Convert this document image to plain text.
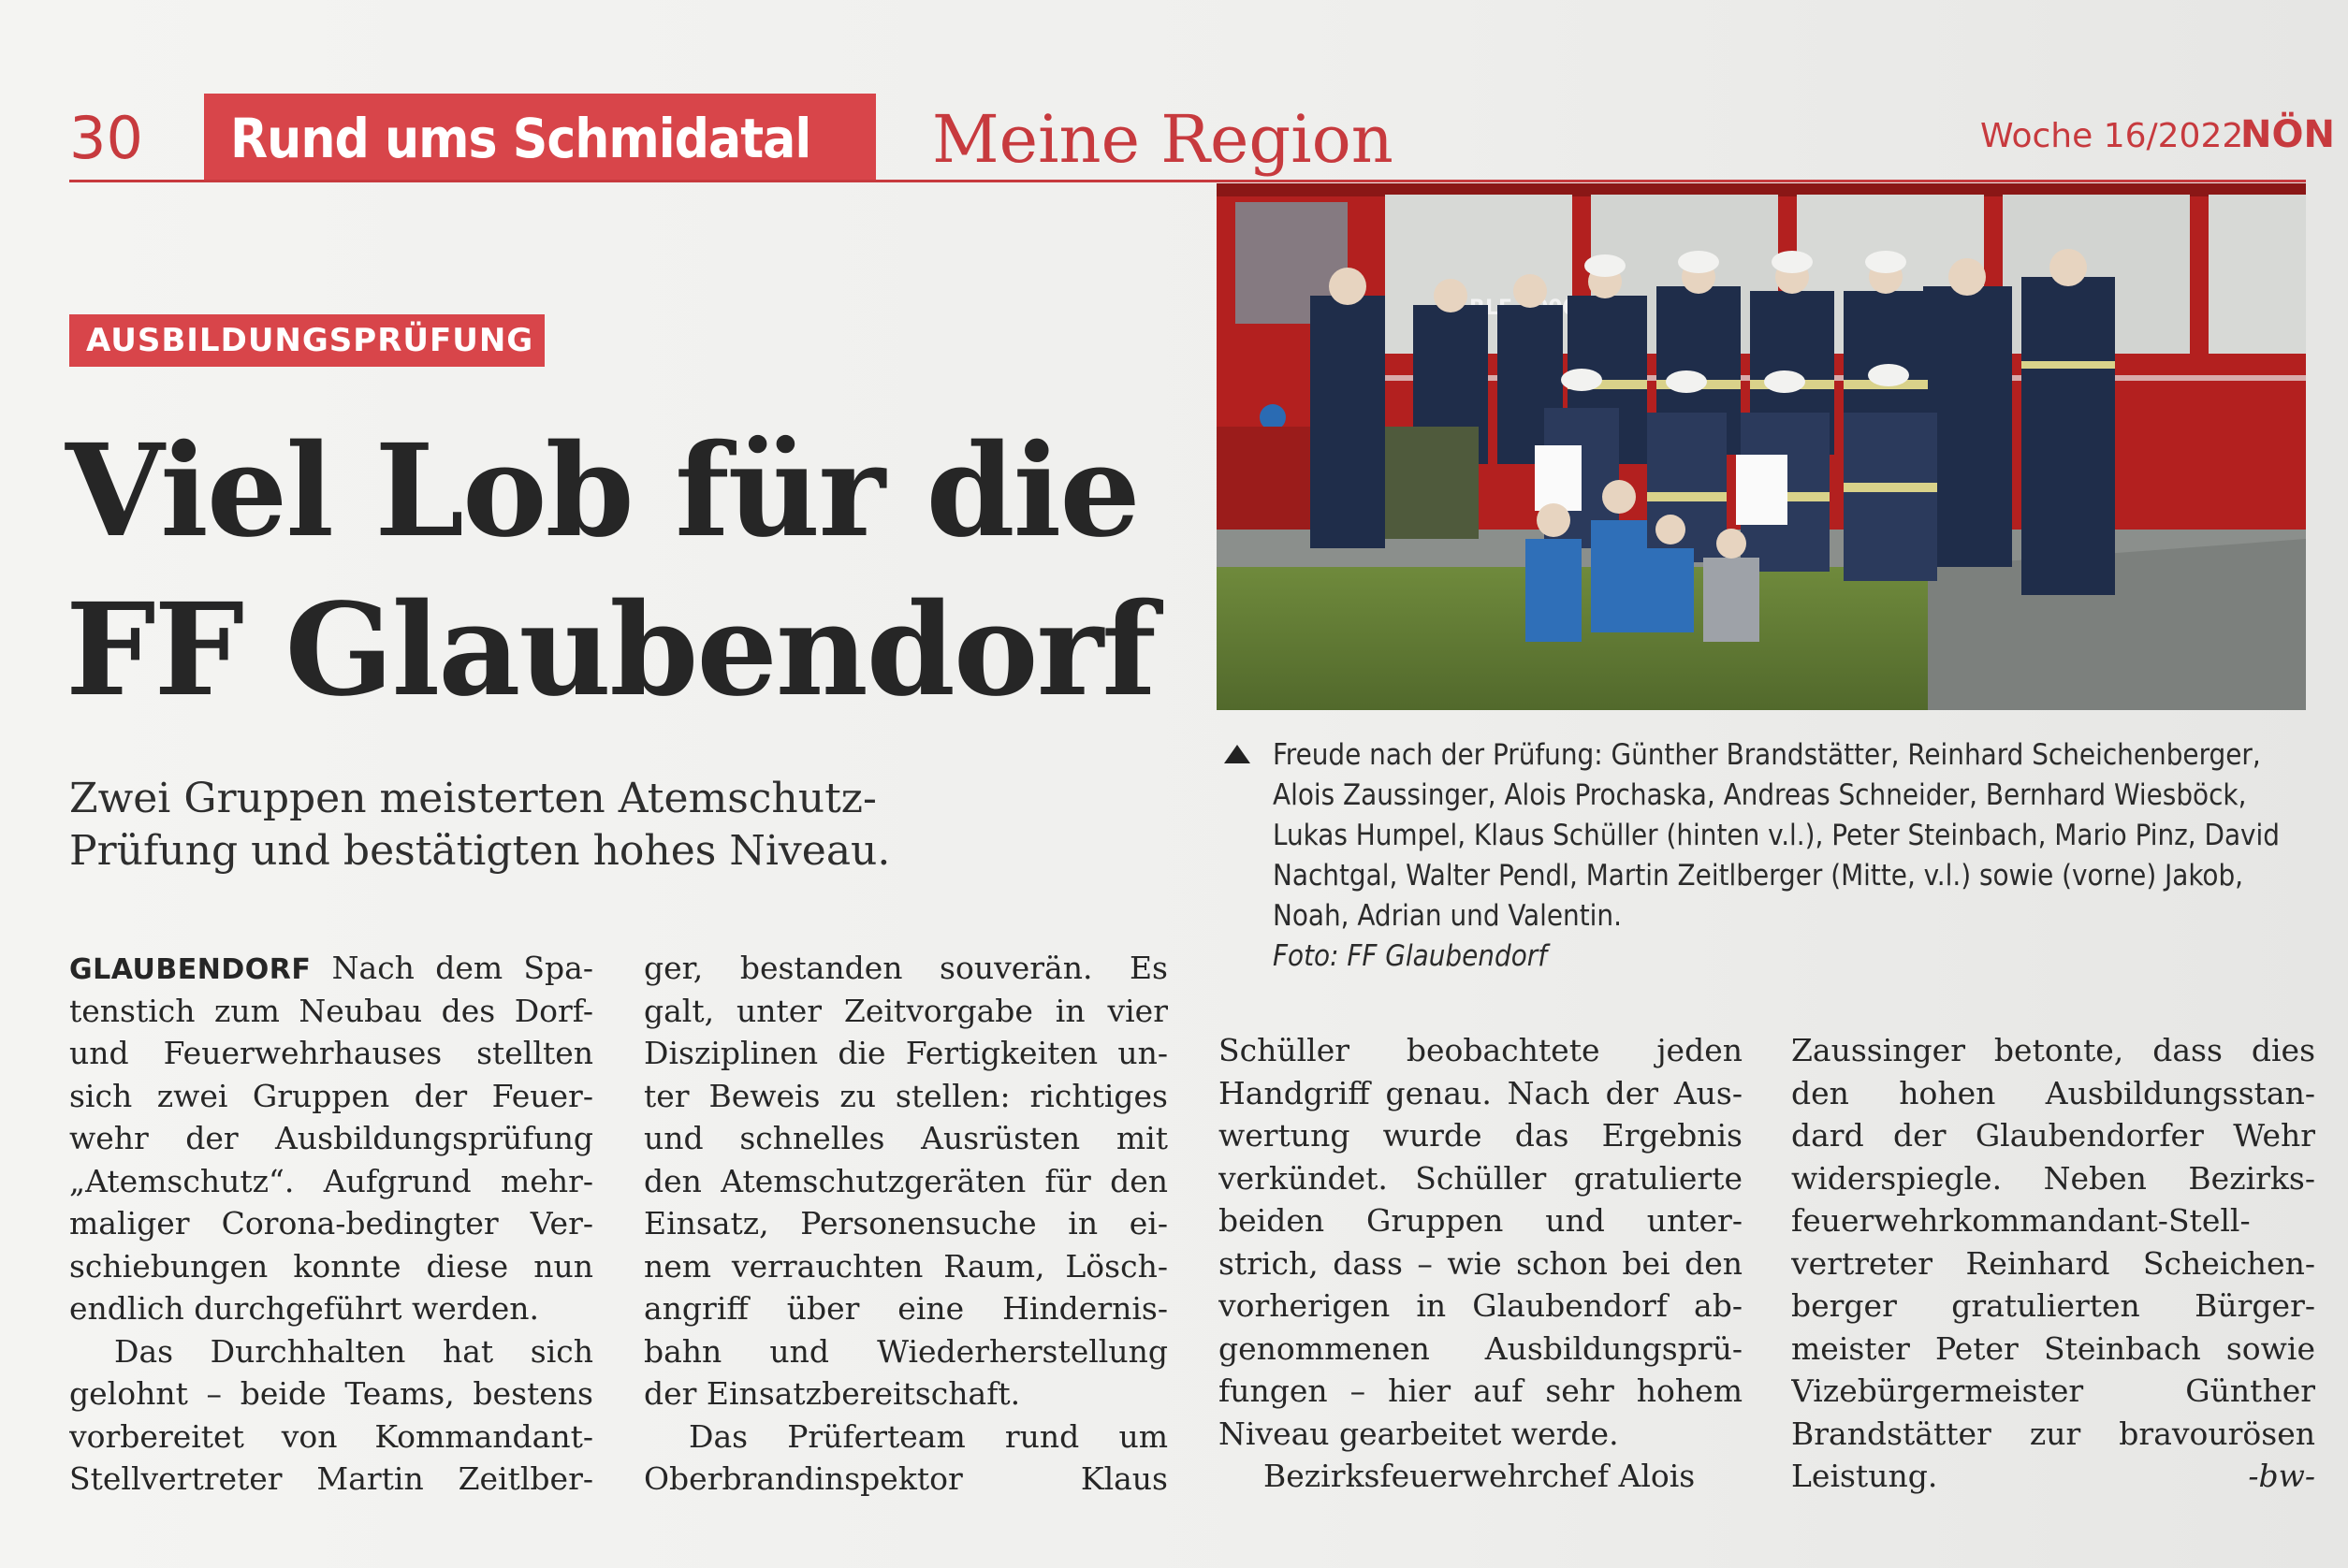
30 Rund ums Schmidatal Meine Region	Woche 16/2022
NÖN
AUSBILDUNGSPRÜFUNG
Viel Lob für die
FF Glaubendorf
Zwei Gruppen meisterten Atemschutz-
Prüfung und bestätigten hohes Niveau.
RLF
Freude nach der Prüfung: Günther Brandstätter, Reinhard Scheichenberger,
Alois Zaussinger, Alois Prochaska, Andreas Schneider, Bernhard Wiesböck,
Lukas Humpel, Klaus Schüller (hinten v.l.), Peter Steinbach, Mario Pinz, David
Nachtgal, Walter Pendl, Martin Zeitlberger (Mitte, v.l.) sowie (vorne) Jakob,
Noah, Adrian und Valentin.
Foto: FF Glaubendorf
GLAUBENDORF Nach dem Spa-
tenstich zum Neubau des Dorf-
und Feuerwehrhauses stellten
sich zwei Gruppen der Feuer-
wehr der Ausbildungsprüfung
„Atemschutz“. Aufgrund mehr-
maliger Corona-bedingter Ver-
schiebungen konnte diese nun
endlich durchgeführt werden.
Das Durchhalten hat sich
gelohnt – beide Teams, bestens
vorbereitet von Kommandant-
Stellvertreter Martin Zeitlber-
ger, bestanden souverän. Es
galt, unter Zeitvorgabe in vier
Disziplinen die Fertigkeiten un-
ter Beweis zu stellen: richtiges
und schnelles Ausrüsten mit
den Atemschutzgeräten für den
Einsatz, Personensuche in ei-
nem verrauchten Raum, Lösch-
angriff über eine Hindernis-
bahn und Wiederherstellung
der Einsatzbereitschaft.
Das Prüferteam rund um
Oberbrandinspektor Klaus
Schüller beobachtete jeden
Handgriff genau. Nach der Aus-
wertung wurde das Ergebnis
verkündet. Schüller gratulierte
beiden Gruppen und unter-
strich, dass – wie schon bei den
vorherigen in Glaubendorf ab-
genommenen Ausbildungsprü-
fungen – hier auf sehr hohem
Niveau gearbeitet werde.
Bezirksfeuerwehrchef Alois
Zaussinger betonte, dass dies
den hohen Ausbildungsstan-
dard der Glaubendorfer Wehr
widerspiegle. Neben Bezirks-
feuerwehrkommandant-Stell-
vertreter Reinhard Scheichen-
berger gratulierten Bürger-
meister Peter Steinbach sowie
Vizebürgermeister Günther
Brandstätter zur bravourösen
Leistung.	-bw-
